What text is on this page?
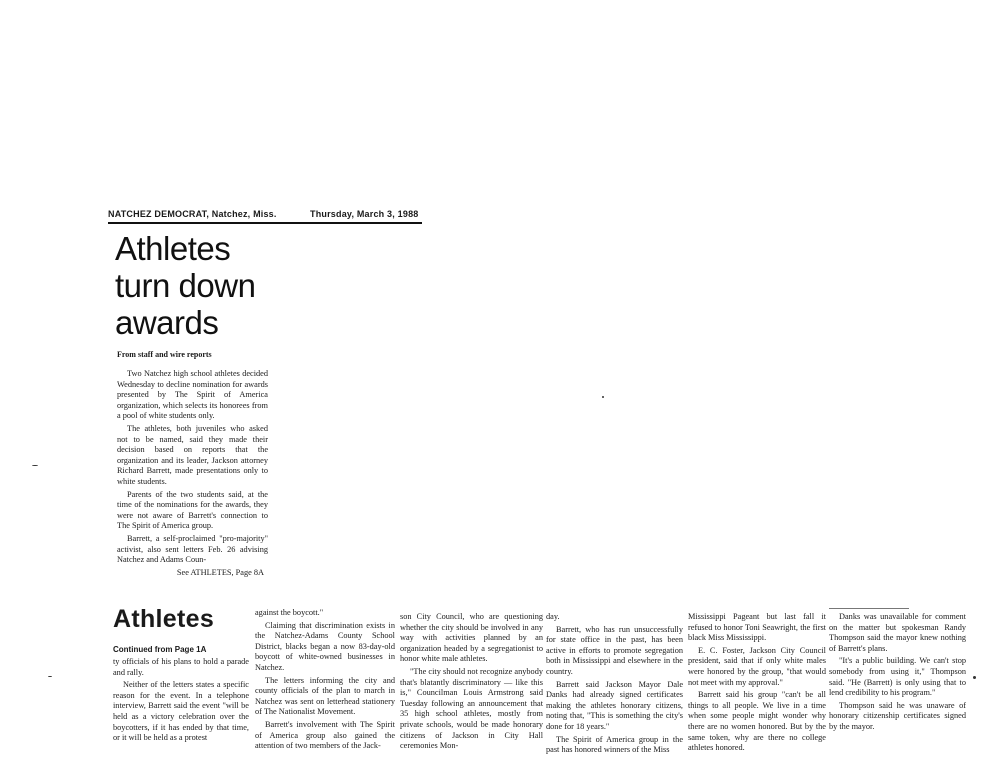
NATCHEZ DEMOCRAT, Natchez, Miss.	Thursday, March 3, 1988
Athletes
turn down
awards
From staff and wire reports

Two Natchez high school athletes decided Wednesday to decline nomination for awards presented by The Spirit of America organization, which selects its honorees from a pool of white students only.

The athletes, both juveniles who asked not to be named, said they made their decision based on reports that the organization and its leader, Jackson attorney Richard Barrett, made presentations only to white students.

Parents of the two students said, at the time of the nominations for the awards, they were not aware of Barrett's connection to The Spirit of America group.

Barrett, a self-proclaimed "pro-majority" activist, also sent letters Feb. 26 advising Natchez and Adams Coun-

See ATHLETES, Page 8A
Athletes
Continued from Page 1A

ty officials of his plans to hold a parade and rally.

Neither of the letters states a specific reason for the event. In a telephone interview, Barrett said the event "will be held as a victory celebration over the boycotters, if it has ended by that time, or it will be held as a protest

against the boycott."

Claiming that discrimination exists in the Natchez-Adams County School District, blacks began a now 83-day-old boycott of white-owned businesses in Natchez.

The letters informing the city and county officials of the plan to march in Natchez was sent on letterhead stationery of The Nationalist Movement.

Barrett's involvement with The Spirit of America group also gained the attention of two members of the Jack-

son City Council, who are questioning whether the city should be involved in any way with activities planned by an organization headed by a segregationist to honor white male athletes.

"The city should not recognize anybody that's blatantly discriminatory — like this is," Councilman Louis Armstrong said Tuesday following an announcement that 35 high school athletes, mostly from private schools, would be made honorary citizens of Jackson in City Hall ceremonies Mon-

day.

Barrett, who has run unsuccessfully for state office in the past, has been active in efforts to promote segregation both in Mississippi and elsewhere in the country.

Barrett said Jackson Mayor Dale Danks had already signed certificates making the athletes honorary citizens, noting that, "This is something the city's done for 18 years."

The Spirit of America group in the past has honored winners of the Miss

Mississippi Pageant but last fall it refused to honor Toni Seawright, the first black Miss Mississippi.

E. C. Foster, Jackson City Council president, said that if only white males were honored by the group, "that would not meet with my approval."

Barrett said his group "can't be all things to all people. We live in a time when some people might wonder why there are no women honored. But by the same token, why are there no college athletes honored.

Danks was unavailable for comment on the matter but spokesman Randy Thompson said the mayor knew nothing of Barrett's plans.

"It's a public building. We can't stop somebody from using it," Thompson said. "He (Barrett) is only using that to lend credibility to his program."

Thompson said he was unaware of honorary citizenship certificates signed by the mayor.
